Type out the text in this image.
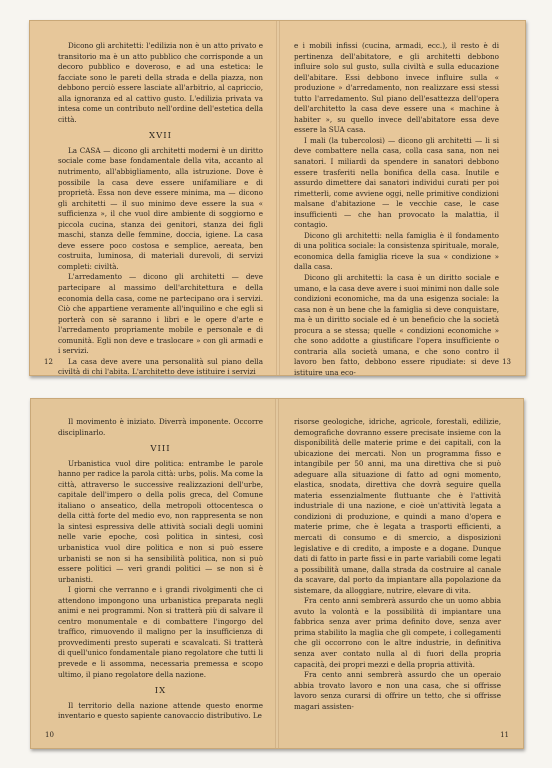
Dicono gli architetti: l'edilizia non è un atto privato e transitorio ma è un atto pubblico che corrisponde a un decoro pubblico e doveroso, e ad una estetica: le facciate sono le pareti della strada e della piazza, non debbono perciò essere lasciate all'arbitrio, al capriccio, alla ignoranza ed al cattivo gusto. L'edilizia privata va intesa come un contributo nell'ordine dell'estetica della città.

XVII

La CASA — dicono gli architetti moderni è un diritto sociale come base fondamentale della vita, accanto al nutrimento, all'abbigliamento, alla istruzione. Dove è possibile la casa deve essere unifamiliare e di proprietà. Essa non deve essere minima, ma — dicono gli architetti — il suo minimo deve essere la sua « sufficienza », il che vuol dire ambiente di soggiorno e piccola cucina, stanza dei genitori, stanza dei figli maschi, stanza delle femmine, doccia, igiene. La casa deve essere poco costosa e semplice, aereata, ben costruita, luminosa, di materiali durevoli, di servizi completi: civiltà.

L'arredamento — dicono gli architetti — deve partecipare al massimo dell'architettura e della economia della casa, come ne partecipano ora i servizi. Ciò che appartiene veramente all'inquilino e che egli si porterà con sè saranno i libri e le opere d'arte e l'arredamento propriamente mobile e personale e di comunità. Egli non deve e traslocare » con gli armadi e i servizi.

La casa deve avere una personalità sul piano della civiltà di chi l'abita. L'architetto deve istituire i servizi

12

e i mobili infissi (cucina, armadi, ecc.), il resto è di pertinenza dell'abitatore, e gli architetti debbono influire solo sul gusto, sulla civiltà e sulla educazione dell'abitare. Essi debbono invece influire sulla « produzione » d'arredamento, non realizzare essi stessi tutto l'arredamento. Sul piano dell'esattezza dell'opera dell'architetto la casa deve essere una « machine à habiter », su quello invece dell'abitatore essa deve essere la SUA casa.

I mali (la tubercolosi) — dicono gli architetti — li si deve combattere nella casa, colla casa sana, non nei sanatori. I miliardi da spendere in sanatori debbono essere trasferiti nella bonifica della casa. Inutile e assurdo dimettere dai sanatori individui curati per poi rimetterli, come avviene oggi, nelle primitive condizioni malsane d'abitazione — le vecchie case, le case insufficienti — che han provocato la malattia, il contagio.

Dicono gli architetti: nella famiglia è il fondamento di una politica sociale: la consistenza spirituale, morale, economica della famiglia riceve la sua « condizione » dalla casa.

Dicono gli architetti: la casa è un diritto sociale e umano, e la casa deve avere i suoi minimi non dalle sole condizioni economiche, ma da una esigenza sociale: la casa non è un bene che la famiglia si deve conquistare, ma è un diritto sociale ed è un beneficio che la società procura a se stessa; quelle « condizioni economiche » che sono addotte a giustificare l'opera insufficiente o contraria alla società umana, e che sono contro il lavoro ben fatto, debbono essere ripudiate: si deve istituire una eco-

13

Il movimento è iniziato. Diverrà imponente. Occorre disciplinarlo.

VIII

Urbanistica vuol dire politica: entrambe le parole hanno per radice la parola città: urbs, polis. Ma come la città, attraverso le successive realizzazioni dell'urbe, capitale dell'impero o della polis greca, del Comune italiano o anseatico, della metropoli ottocentesca o della città forte del medio evo, non rappresenta se non la sintesi espressiva delle attività sociali degli uomini nelle varie epoche, così politica in sintesi, così urbanistica vuol dire politica e non si può essere urbanisti se non si ha sensibilità politica, non si può essere politici — veri grandi politici — se non si è urbanisti.

I giorni che verranno e i grandi rivolgimenti che ci attendono impongono una urbanistica preparata negli animi e nei programmi. Non si tratterà più di salvare il centro monumentale e di combattere l'ingorgo del traffico, rimuovendo il maligno per la insufficienza di provvedimenti presto superati e scavalcati. Si tratterà di quell'unico fondamentale piano regolatore che tutti li prevede e li assomma, necessaria premessa e scopo ultimo, il piano regolatore della nazione.

IX

Il territorio della nazione attende questo enorme inventario e questo sapiente canovaccio distributivo. Le

10

risorse geologiche, idriche, agricole, forestali, edilizie, demografiche dovranno essere precisate insieme con la disponibilità delle materie prime e dei capitali, con la ubicazione dei mercati. Non un programma fisso e intangibile per 50 anni, ma una direttiva che si può adeguare alla situazione di fatto ad ogni momento, elastica, snodata, direttiva che dovrà seguire quella materia essenzialmente fluttuante che è l'attività industriale di una nazione, e cioè un'attività legata a condizioni di produzione, e quindi a mano d'opera e materie prime, che è legata a trasporti efficienti, a mercati di consumo e di smercio, a disposizioni legislative e di credito, a imposte e a dogane. Dunque dati di fatto in parte fissi e in parte variabili come legati a possibilità umane, dalla strada da costruire al canale da scavare, dal porto da impiantare alla popolazione da sistemare, da alloggiare, nutrire, elevare di vita.

Fra cento anni sembrerà assurdo che un uomo abbia avuto la volontà e la possibilità di impiantare una fabbrica senza aver prima definito dove, senza aver prima stabilito la maglia che gli compete, i collegamenti che gli occorrono con le altre industrie, in definitiva senza aver contato nulla al di fuori della propria capacità, dei propri mezzi e della propria attività.

Fra cento anni sembrerà assurdo che un operaio abbia trovato lavoro e non una casa, che si offrisse lavoro senza curarsi di offrire un tetto, che si offrisse magari assisten-

11
